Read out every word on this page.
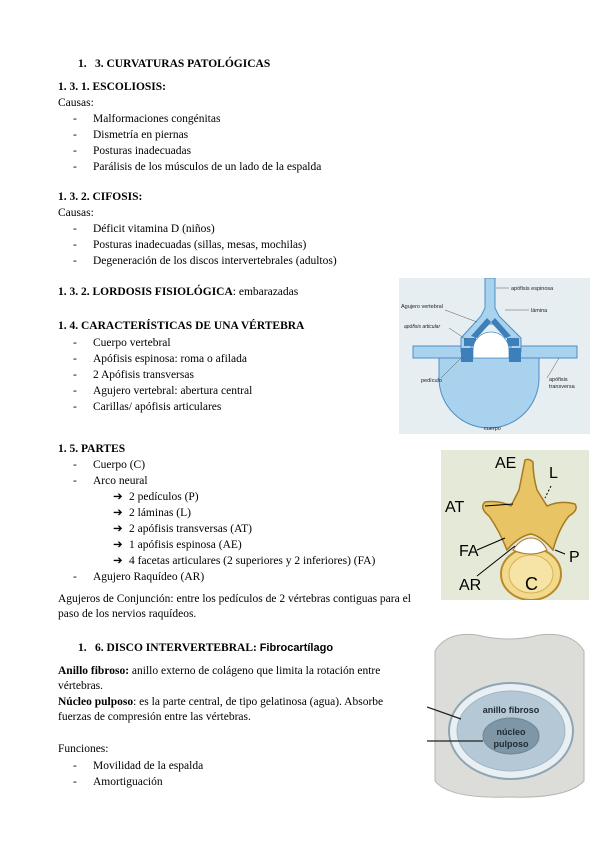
1. 3. CURVATURAS PATOLÓGICAS
1. 3. 1. ESCOLIOSIS:
Causas:
- Malformaciones congénitas
- Dismetría en piernas
- Posturas inadecuadas
- Parálisis de los músculos de un lado de la espalda
1. 3. 2. CIFOSIS:
Causas:
- Déficit vitamina D (niños)
- Posturas inadecuadas (sillas, mesas, mochilas)
- Degeneración de los discos intervertebrales (adultos)
1. 3. 2. LORDOSIS FISIOLÓGICA: embarazadas
1. 4. CARACTERÍSTICAS DE UNA VÉRTEBRA
- Cuerpo vertebral
- Apófisis espinosa: roma o afilada
- 2 Apófisis transversas
- Agujero vertebral: abertura central
- Carillas/ apófisis articulares
1. 5. PARTES
- Cuerpo (C)
- Arco neural
➔ 2 pedículos (P)
➔ 2 láminas (L)
➔ 2 apófisis transversas (AT)
➔ 1 apófisis espinosa (AE)
➔ 4 facetas articulares (2 superiores y 2 inferiores) (FA)
- Agujero Raquídeo (AR)
Agujeros de Conjunción: entre los pedículos de 2 vértebras contiguas para el
paso de los nervios raquídeos.
1. 6. DISCO INTERVERTEBRAL: Fibrocartílago
Anillo fibroso: anillo externo de colágeno que limita la rotación entre
vértebras.
Núcleo pulposo: es la parte central, de tipo gelatinosa (agua). Absorbe
fuerzas de compresión entre las vértebras.
Funciones:
- Movilidad de la espalda
- Amortiguación
apófisis espinosa
Agujero vertebral
lámina
apófisis articular
pedículo	apófisis
transversa
cuerpo
AE
L
AT
FA	P
AR C
anillo fibroso
núcleo
pulposo
